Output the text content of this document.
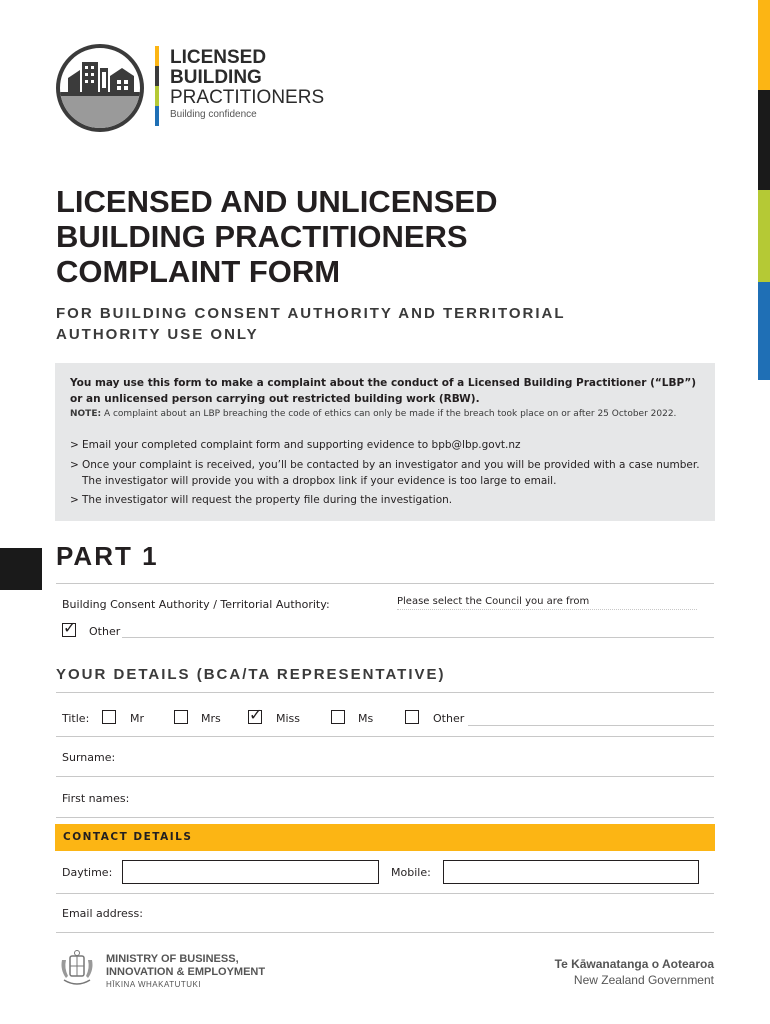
LICENSED
BUILDING
PRACTITIONERS
Building confidence
LICENSED AND UNLICENSED BUILDING PRACTITIONERS COMPLAINT FORM
FOR BUILDING CONSENT AUTHORITY AND TERRITORIAL AUTHORITY USE ONLY
You may use this form to make a complaint about the conduct of a Licensed Building Practitioner (“LBP”) or an unlicensed person carrying out restricted building work (RBW).
NOTE: A complaint about an LBP breaching the code of ethics can only be made if the breach took place on or after 25 October 2022.
> Email your completed complaint form and supporting evidence to bpb@lbp.govt.nz
> Once your complaint is received, you’ll be contacted by an investigator and you will be provided with a case number. The investigator will provide you with a dropbox link if your evidence is too large to email.
> The investigator will request the property file during the investigation.
PART 1
Building Consent Authority / Territorial Authority:	Please select the Council you are from
✓ Other
YOUR DETAILS (BCA/TA REPRESENTATIVE)
Title:	Mr	Mrs ✓ Miss	Ms	Other
Surname:
First names:
CONTACT DETAILS
Daytime:	Mobile:
Email address:
MINISTRY OF BUSINESS,
INNOVATION & EMPLOYMENT
HĪKINA WHAKATUTUKI
Te Kāwanatanga o Aotearoa
New Zealand Government
